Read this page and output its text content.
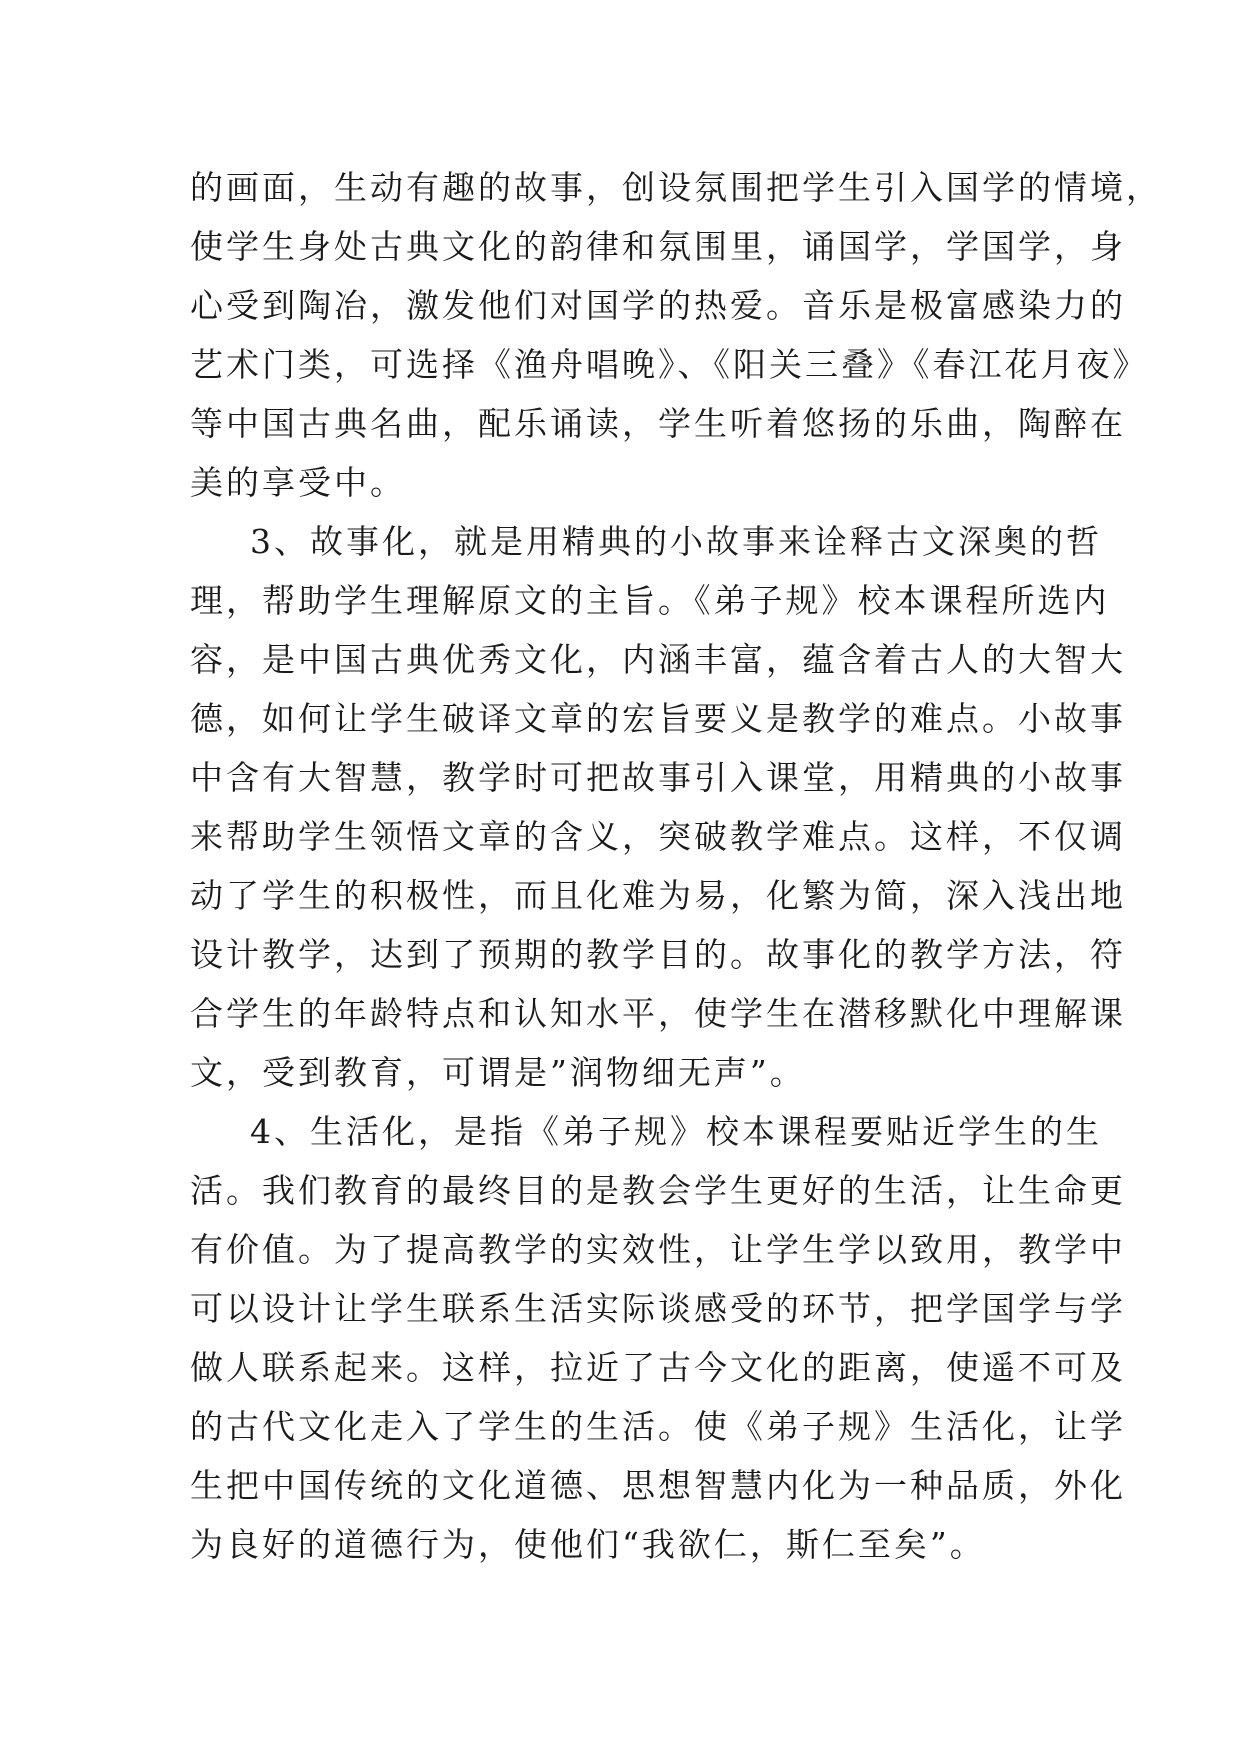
的画面，生动有趣的故事，创设氛围把学生引入国学的情境，
使学生身处古典文化的韵律和氛围里，诵国学，学国学，身
心受到陶冶，激发他们对国学的热爱。音乐是极富感染力的
艺术门类，可选择《渔舟唱晚》、《阳关三叠》《春江花月夜》
等中国古典名曲，配乐诵读，学生听着悠扬的乐曲，陶醉在
美的享受中。
3、故事化，就是用精典的小故事来诠释古文深奥的哲
理，帮助学生理解原文的主旨。《弟子规》校本课程所选内
容，是中国古典优秀文化，内涵丰富，蕴含着古人的大智大
德，如何让学生破译文章的宏旨要义是教学的难点。小故事
中含有大智慧，教学时可把故事引入课堂，用精典的小故事
来帮助学生领悟文章的含义，突破教学难点。这样，不仅调
动了学生的积极性，而且化难为易，化繁为简，深入浅出地
设计教学，达到了预期的教学目的。故事化的教学方法，符
合学生的年龄特点和认知水平，使学生在潜移默化中理解课
文，受到教育，可谓是”润物细无声”。
4、生活化，是指《弟子规》校本课程要贴近学生的生
活。我们教育的最终目的是教会学生更好的生活，让生命更
有价值。为了提高教学的实效性，让学生学以致用，教学中
可以设计让学生联系生活实际谈感受的环节，把学国学与学
做人联系起来。这样，拉近了古今文化的距离，使遥不可及
的古代文化走入了学生的生活。使《弟子规》生活化，让学
生把中国传统的文化道德、思想智慧内化为一种品质，外化
为良好的道德行为，使他们“我欲仁，斯仁至矣”。
